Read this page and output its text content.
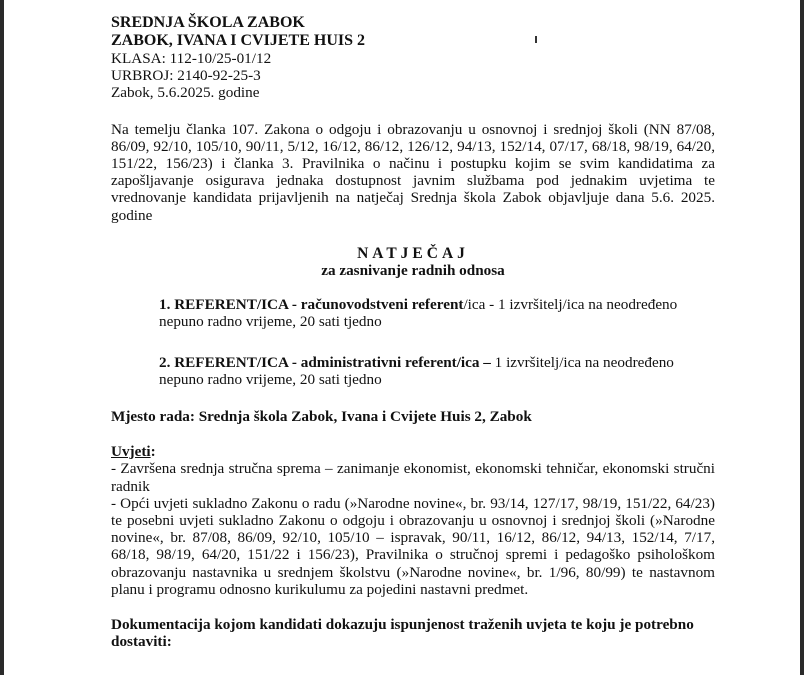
SREDNJA ŠKOLA ZABOK
ZABOK, IVANA I CVIJETE HUIS 2
KLASA: 112-10/25-01/12
URBROJ: 2140-92-25-3
Zabok, 5.6.2025. godine
Na temelju članka 107. Zakona o odgoju i obrazovanju u osnovnoj i srednjoj školi (NN 87/08, 86/09, 92/10, 105/10, 90/11, 5/12, 16/12, 86/12, 126/12, 94/13, 152/14, 07/17, 68/18, 98/19, 64/20, 151/22, 156/23) i članka 3. Pravilnika o načinu i postupku kojim se svim kandidatima za zapošljavanje osigurava jednaka dostupnost javnim službama pod jednakim uvjetima te vrednovanje kandidata prijavljenih na natječaj Srednja škola Zabok objavljuje dana 5.6. 2025. godine
NATJEČAJ
za zasnivanje radnih odnosa
1. REFERENT/ICA - računovodstveni referent/ica - 1 izvršitelj/ica na neodređeno nepuno radno vrijeme, 20 sati tjedno
2. REFERENT/ICA - administrativni referent/ica – 1 izvršitelj/ica na neodređeno nepuno radno vrijeme, 20 sati tjedno
Mjesto rada: Srednja škola Zabok, Ivana i Cvijete Huis 2, Zabok
Uvjeti:
- Završena srednja stručna sprema – zanimanje ekonomist, ekonomski tehničar, ekonomski stručni radnik
- Opći uvjeti sukladno Zakonu o radu (»Narodne novine«, br. 93/14, 127/17, 98/19, 151/22, 64/23) te posebni uvjeti sukladno Zakonu o odgoju i obrazovanju u osnovnoj i srednjoj školi (»Narodne novine«, br. 87/08, 86/09, 92/10, 105/10 – ispravak, 90/11, 16/12, 86/12, 94/13, 152/14, 7/17, 68/18, 98/19, 64/20, 151/22 i 156/23), Pravilnika o stručnoj spremi i pedagoško psihološkom obrazovanju nastavnika u srednjem školstvu (»Narodne novine«, br. 1/96, 80/99) te nastavnom planu i programu odnosno kurikulumu za pojedini nastavni predmet.
Dokumentacija kojom kandidati dokazuju ispunjenost traženih uvjeta te koju je potrebno dostaviti:
